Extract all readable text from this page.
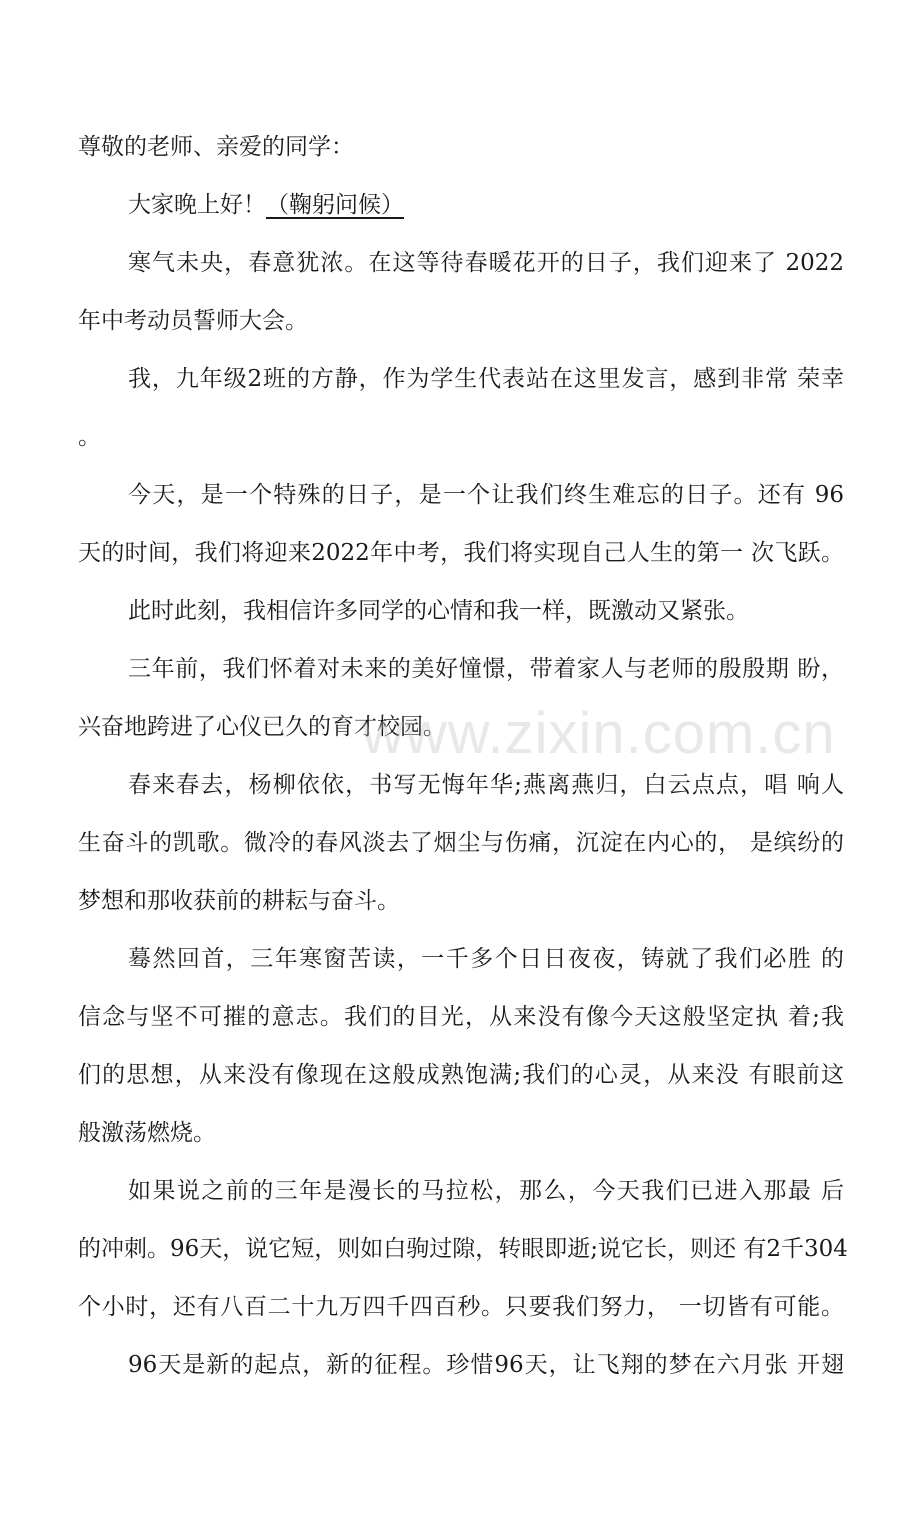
尊敬的老师、亲爱的同学：
大家晚上好！（鞠躬问候）
寒气未央，春意犹浓。在这等待春暖花开的日子，我们迎来了 2022
年中考动员誓师大会。
我，九年级2班的方静，作为学生代表站在这里发言，感到非常 荣幸
。
今天，是一个特殊的日子，是一个让我们终生难忘的日子。还有 96
天的时间，我们将迎来2022年中考，我们将实现自己人生的第一 次飞跃。
此时此刻，我相信许多同学的心情和我一样，既激动又紧张。
三年前，我们怀着对未来的美好憧憬，带着家人与老师的殷殷期 盼，
兴奋地跨进了心仪已久的育才校园。
春来春去，杨柳依依，书写无悔年华;燕离燕归，白云点点，唱 响人
生奋斗的凯歌。微冷的春风淡去了烟尘与伤痛，沉淀在内心的， 是缤纷的
梦想和那收获前的耕耘与奋斗。
蓦然回首，三年寒窗苦读，一千多个日日夜夜，铸就了我们必胜 的
信念与坚不可摧的意志。我们的目光，从来没有像今天这般坚定执 着;我
们的思想，从来没有像现在这般成熟饱满;我们的心灵，从来没 有眼前这
般激荡燃烧。
如果说之前的三年是漫长的马拉松，那么，今天我们已进入那最 后
的冲刺。96天，说它短，则如白驹过隙，转眼即逝;说它长，则还 有2千304
个小时，还有八百二十九万四千四百秒。只要我们努力， 一切皆有可能。
96天是新的起点，新的征程。珍惜96天，让飞翔的梦在六月张 开翅
www.zixin.com.cn
